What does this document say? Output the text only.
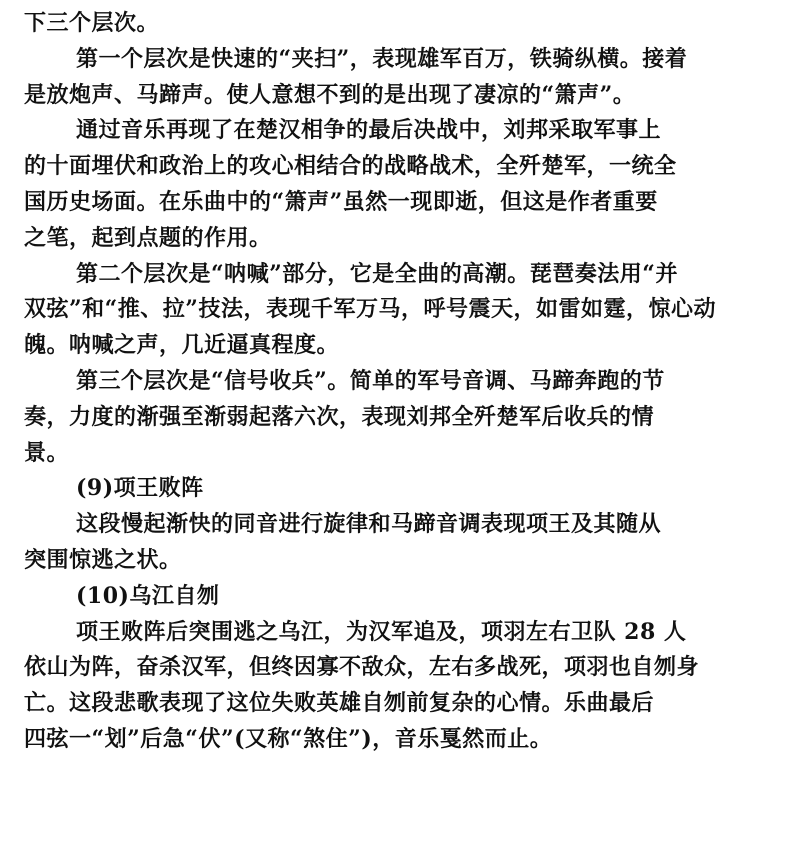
下三个层次。
第一个层次是快速的“夹扫”，表现雄军百万，铁骑纵横。接着
是放炮声、马蹄声。使人意想不到的是出现了凄凉的“箫声”。
通过音乐再现了在楚汉相争的最后决战中，刘邦采取军事上
的十面埋伏和政治上的攻心相结合的战略战术，全歼楚军，一统全
国历史场面。在乐曲中的“箫声”虽然一现即逝，但这是作者重要
之笔，起到点题的作用。
第二个层次是“呐喊”部分，它是全曲的高潮。琵琶奏法用“并
双弦”和“推、拉”技法，表现千军万马，呼号震天，如雷如霆，惊心动
魄。呐喊之声，几近逼真程度。
第三个层次是“信号收兵”。简单的军号音调、马蹄奔跑的节
奏，力度的渐强至渐弱起落六次，表现刘邦全歼楚军后收兵的情
景。
(9)项王败阵
这段慢起渐快的同音进行旋律和马蹄音调表现项王及其随从
突围惊逃之状。
(10)乌江自刎
项王败阵后突围逃之乌江，为汉军追及，项羽左右卫队 28 人
依山为阵，奋杀汉军，但终因寡不敌众，左右多战死，项羽也自刎身
亡。这段悲歌表现了这位失败英雄自刎前复杂的心情。乐曲最后
四弦一“划”后急“伏”(又称“煞住”)，音乐戛然而止。
